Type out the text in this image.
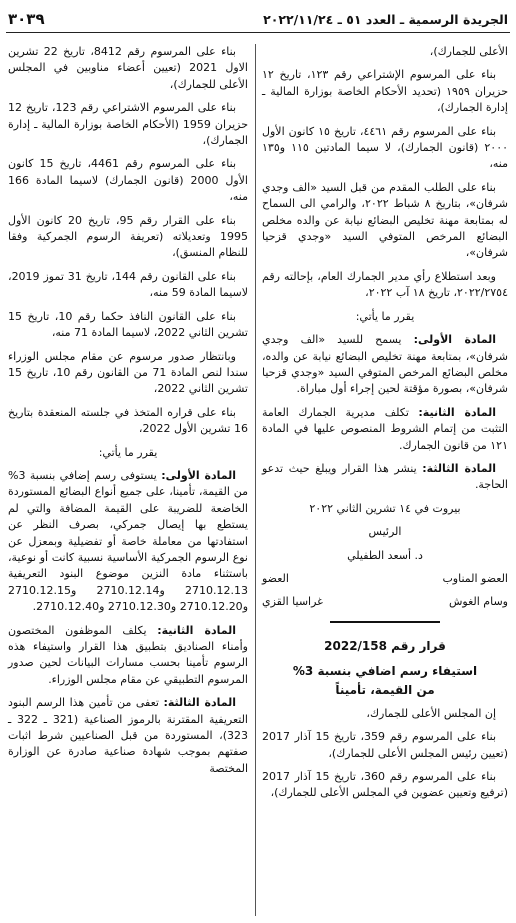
الجريدة الرسمية ـ العدد ٥١ ـ ٢٠٢٢/١١/٢٤
٣٠٣٩

الأعلى للجمارك)،

بناء على المرسوم الإشتراعي رقم ١٢٣، تاريخ ١٢ حزيران ١٩٥٩ (تحديد الأحكام الخاصة بوزارة المالية ـ إدارة الجمارك)،

بناء على المرسوم رقم ٤٤٦١، تاريخ ١٥ كانون الأول ٢٠٠٠ (قانون الجمارك)، لا سيما المادتين ١١٥ و١٣٥ منه،

بناء على الطلب المقدم من قبل السيد «الف وجدي شرفان»، بتاريخ ٨ شباط ٢٠٢٢، والرامي الى السماح له بمتابعة مهنة تخليص البضائع نيابة عن والده مخلص البضائع المرخص المتوفي السيد «وجدي قزحيا شرفان»،

وبعد استطلاع رأي مدير الجمارك العام، بإحالته رقم ٢٠٢٢/٢٧٥٤، تاريخ ١٨ آب ٢٠٢٢،

يقرر ما يأتي:

المادة الأولى: يسمح للسيد «الف وجدي شرفان»، بمتابعة مهنة تخليص البضائع نيابة عن والده، مخلص البضائع المرخص المتوفي السيد «وجدي قزحيا شرفان»، بصورة مؤقتة لحين إجراء أول مباراة.

المادة الثانية: تكلف مديرية الجمارك العامة التثبت من إتمام الشروط المنصوص عليها في المادة ١٢١ من قانون الجمارك.

المادة الثالثة: ينشر هذا القرار ويبلغ حيث تدعو الحاجة.

بيروت في ١٤ تشرين الثاني ٢٠٢٢

الرئيس

د. أسعد الطفيلي

العضو المناوب
العضو
وسام الغوش
غراسيا القزي

قرار رقم 2022/158

استيفاء رسم اضافي بنسبة 3%

من القيمة، تأميناً

إن المجلس الأعلى للجمارك،

بناء على المرسوم رقم 359، تاريخ 15 آذار 2017 (تعيين رئيس المجلس الأعلى للجمارك)،

بناء على المرسوم رقم 360، تاريخ 15 آذار 2017 (ترفيع وتعيين عضوين في المجلس الأعلى للجمارك)،

بناء على المرسوم رقم 8412، تاريخ 22 تشرين الاول 2021 (تعيين أعضاء مناوبين في المجلس الأعلى للجمارك)،

بناء على المرسوم الاشتراعي رقم 123، تاريخ 12 حزيران 1959 (الأحكام الخاصة بوزارة المالية ـ إدارة الجمارك)،

بناء على المرسوم رقم 4461، تاريخ 15 كانون الأول 2000 (قانون الجمارك) لاسيما المادة 166 منه،

بناء على القرار رقم 95، تاريخ 20 كانون الأول 1995 وتعديلاته (تعريفة الرسوم الجمركية وفقا للنظام المنسق)،

بناء على القانون رقم 144، تاريخ 31 تموز 2019، لاسيما المادة 59 منه،

بناء على القانون النافذ حكما رقم 10، تاريخ 15 تشرين الثاني 2022، لاسيما المادة 71 منه،

وبانتظار صدور مرسوم عن مقام مجلس الوزراء سندا لنص المادة 71 من القانون رقم 10، تاريخ 15 تشرين الثاني 2022،

بناء على قراره المتخذ في جلسته المنعقدة بتاريخ 16 تشرين الأول 2022،

يقرر ما يأتي:

المادة الأولى: يستوفى رسم إضافي بنسبة 3% من القيمة، تأمينا، على جميع أنواع البضائع المستوردة الخاضعة للضريبة على القيمة المضافة والتي لم يستطع بها إيصال جمركي، بصرف النظر عن استفادتها من معاملة خاصة أو تفضيلية وبمعزل عن نوع الرسوم الجمركية الأساسية نسبية كانت أو نوعية، باستثناء مادة النزين موضوع البنود التعريفية 2710.12.13 و2710.12.14 و2710.12.15 و2710.12.20 و2710.12.30 و2710.12.40.

المادة الثانية: يكلف الموظفون المختصون وأمناء الصناديق بتطبيق هذا القرار واستيفاء هذه الرسوم تأمينا بحسب مسارات البيانات لحين صدور المرسوم التطبيقي عن مقام مجلس الوزراء.

المادة الثالثة: تعفى من تأمين هذا الرسم البنود التعريفية المقترنة بالرموز الصناعية (321 ـ 322 ـ 323)، المستوردة من قبل الصناعيين شرط اثبات صفتهم بموجب شهادة صناعية صادرة عن الوزارة المختصة
